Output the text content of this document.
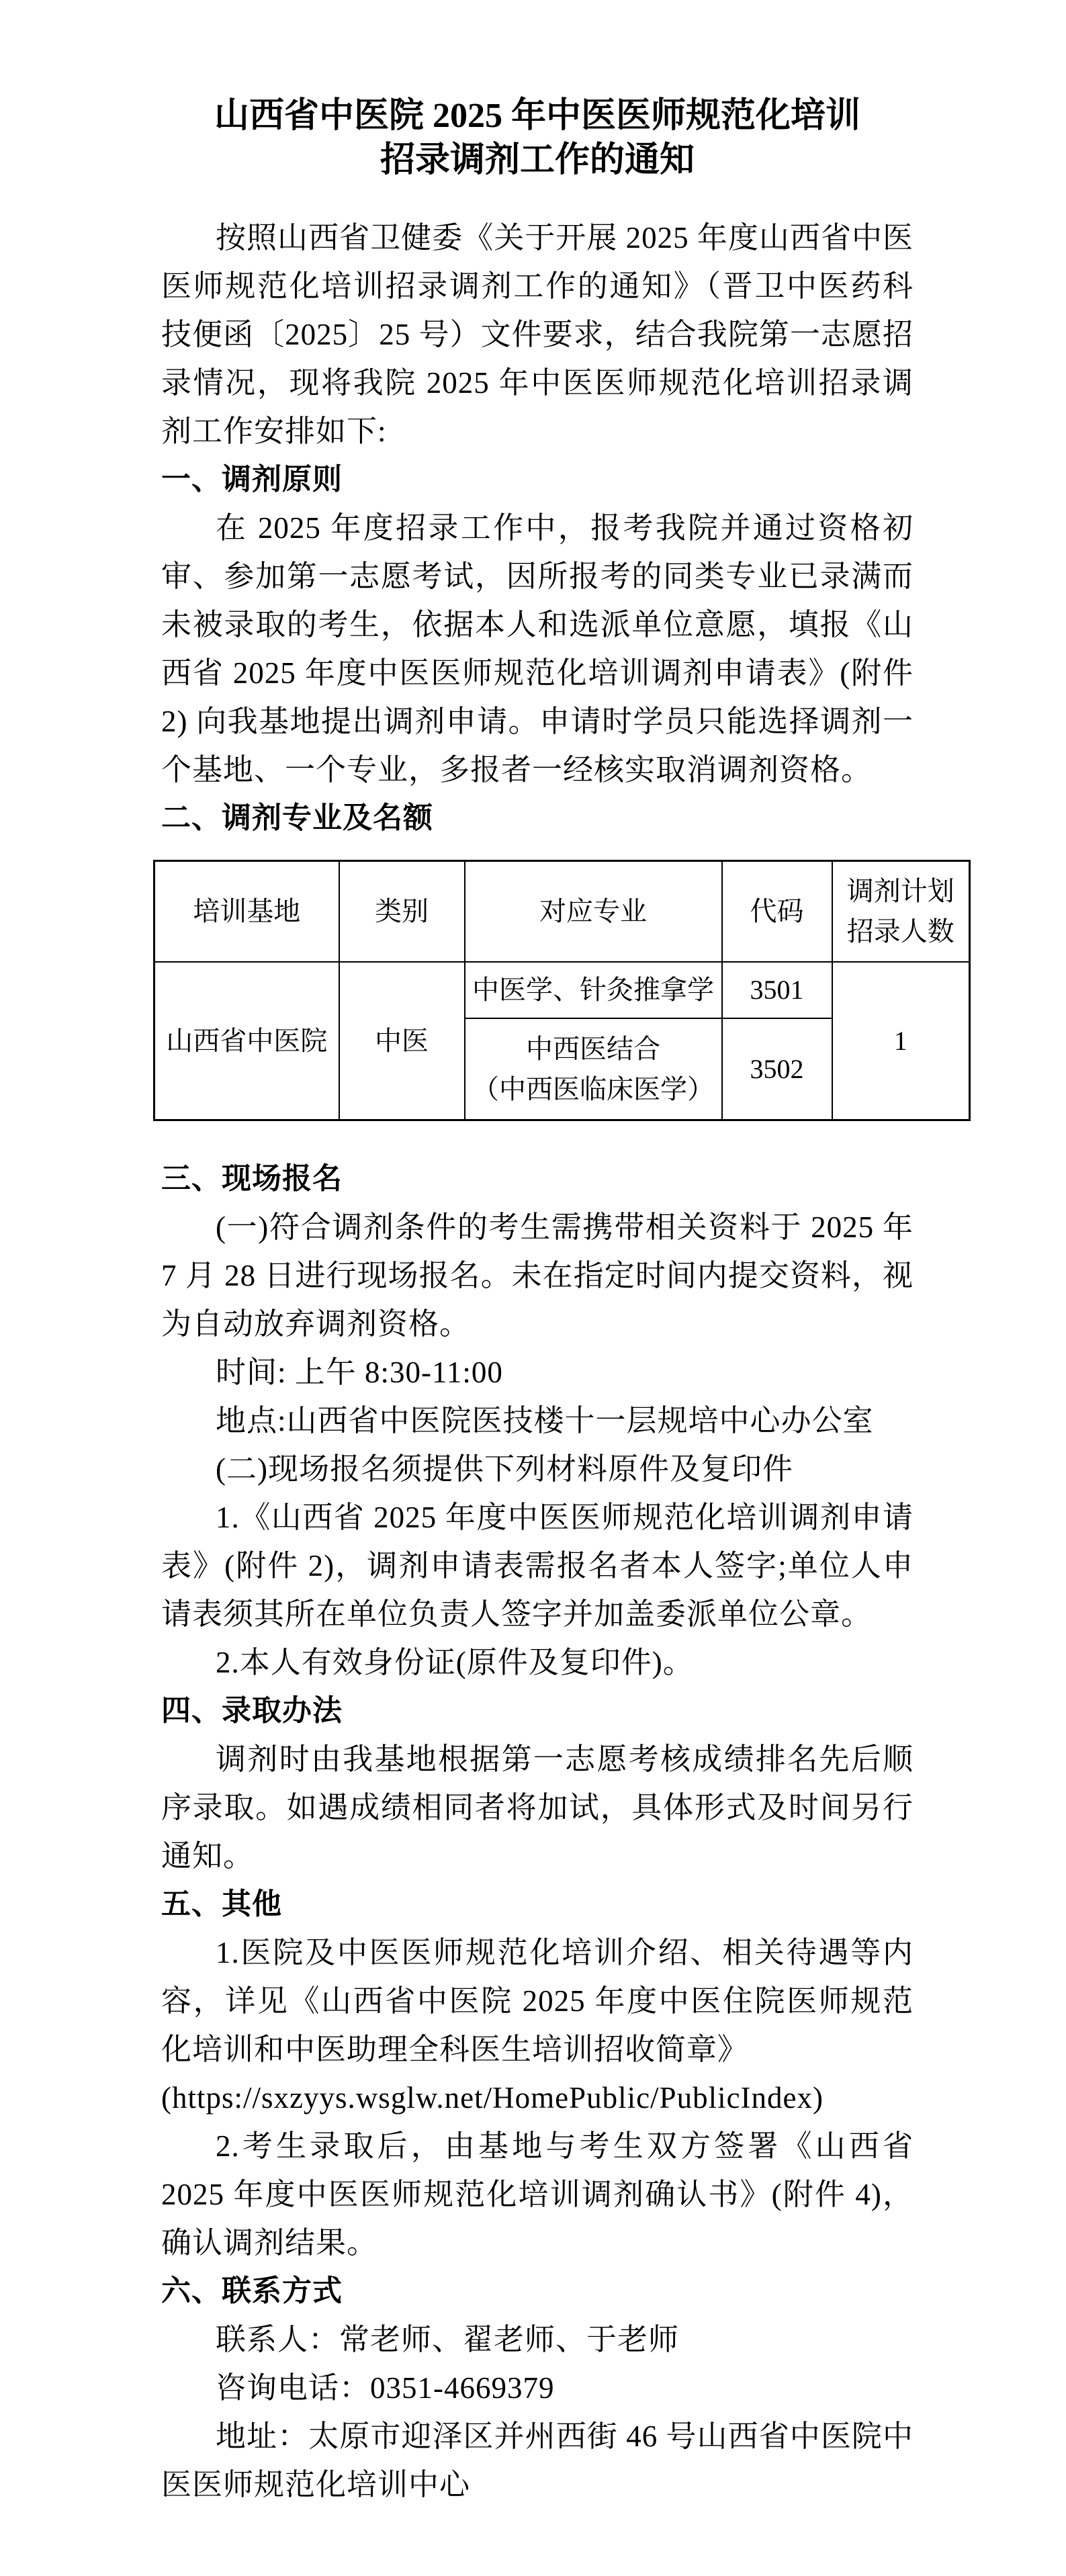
山西省中医院 2025 年中医医师规范化培训
招录调剂工作的通知

按照山西省卫健委《关于开展 2025 年度山西省中医医师规范化培训招录调剂工作的通知》（晋卫中医药科技便函〔2025〕25 号）文件要求，结合我院第一志愿招录情况，现将我院 2025 年中医医师规范化培训招录调剂工作安排如下:

一、调剂原则

在 2025 年度招录工作中，报考我院并通过资格初审、参加第一志愿考试，因所报考的同类专业已录满而未被录取的考生，依据本人和选派单位意愿，填报《山西省 2025 年度中医医师规范化培训调剂申请表》(附件 2) 向我基地提出调剂申请。申请时学员只能选择调剂一个基地、一个专业，多报者一经核实取消调剂资格。

二、调剂专业及名额
培训基地	类别	对应专业	代码	调剂计划
招录人数

山西省中医院	中医	中医学、针灸推拿学	3501	1

		中西医结合
（中西医临床医学）	3502	
三、现场报名

(一)符合调剂条件的考生需携带相关资料于 2025 年 7 月 28 日进行现场报名。未在指定时间内提交资料，视为自动放弃调剂资格。

时间: 上午 8:30-11:00

地点:山西省中医院医技楼十一层规培中心办公室

(二)现场报名须提供下列材料原件及复印件

1.《山西省 2025 年度中医医师规范化培训调剂申请表》(附件 2)，调剂申请表需报名者本人签字;单位人申请表须其所在单位负责人签字并加盖委派单位公章。

2.本人有效身份证(原件及复印件)。

四、录取办法

调剂时由我基地根据第一志愿考核成绩排名先后顺序录取。如遇成绩相同者将加试，具体形式及时间另行通知。

五、其他

1.医院及中医医师规范化培训介绍、相关待遇等内容，详见《山西省中医院 2025 年度中医住院医师规范化培训和中医助理全科医生培训招收简章》

(https://sxzyys.wsglw.net/HomePublic/PublicIndex)

2.考生录取后，由基地与考生双方签署《山西省 2025 年度中医医师规范化培训调剂确认书》(附件 4)，确认调剂结果。

六、联系方式

联系人：常老师、翟老师、于老师

咨询电话：0351-4669379

地址：太原市迎泽区并州西街 46 号山西省中医院中医医师规范化培训中心
